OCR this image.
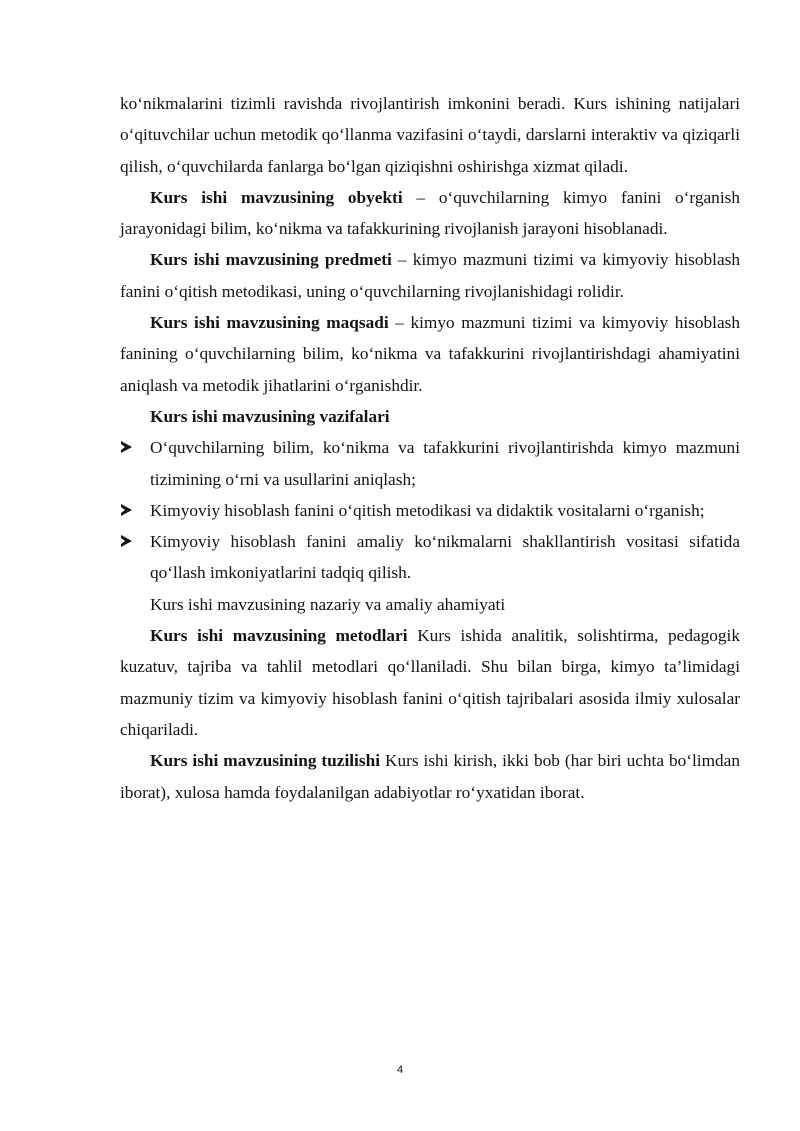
ko‘nikmalarini tizimli ravishda rivojlantirish imkonini beradi. Kurs ishining natijalari o‘qituvchilar uchun metodik qo‘llanma vazifasini o‘taydi, darslarni interaktiv va qiziqarli qilish, o‘quvchilarda fanlarga bo‘lgan qiziqishni oshirishga xizmat qiladi.

Kurs ishi mavzusining obyekti – o‘quvchilarning kimyo fanini o‘rganish jarayonidagi bilim, ko‘nikma va tafakkurining rivojlanish jarayoni hisoblanadi.

Kurs ishi mavzusining predmeti – kimyo mazmuni tizimi va kimyoviy hisoblash fanini o‘qitish metodikasi, uning o‘quvchilarning rivojlanishidagi rolidir.

Kurs ishi mavzusining maqsadi – kimyo mazmuni tizimi va kimyoviy hisoblash fanining o‘quvchilarning bilim, ko‘nikma va tafakkurini rivojlantirishdagi ahamiyatini aniqlash va metodik jihatlarini o‘rganishdir.

Kurs ishi mavzusining vazifalari

O‘quvchilarning bilim, ko‘nikma va tafakkurini rivojlantirishda kimyo mazmuni tizimining o‘rni va usullarini aniqlash;
Kimyoviy hisoblash fanini o‘qitish metodikasi va didaktik vositalarni o‘rganish;
Kimyoviy hisoblash fanini amaliy ko‘nikmalarni shakllantirish vositasi sifatida qo‘llash imkoniyatlarini tadqiq qilish.

Kurs ishi mavzusining nazariy va amaliy ahamiyati

Kurs ishi mavzusining metodlari Kurs ishida analitik, solishtirma, pedagogik kuzatuv, tajriba va tahlil metodlari qo‘llaniladi. Shu bilan birga, kimyo ta’limidagi mazmuniy tizim va kimyoviy hisoblash fanini o‘qitish tajribalari asosida ilmiy xulosalar chiqariladi.

Kurs ishi mavzusining tuzilishi Kurs ishi kirish, ikki bob (har biri uchta bo‘limdan iborat), xulosa hamda foydalanilgan adabiyotlar ro‘yxatidan iborat.

4
